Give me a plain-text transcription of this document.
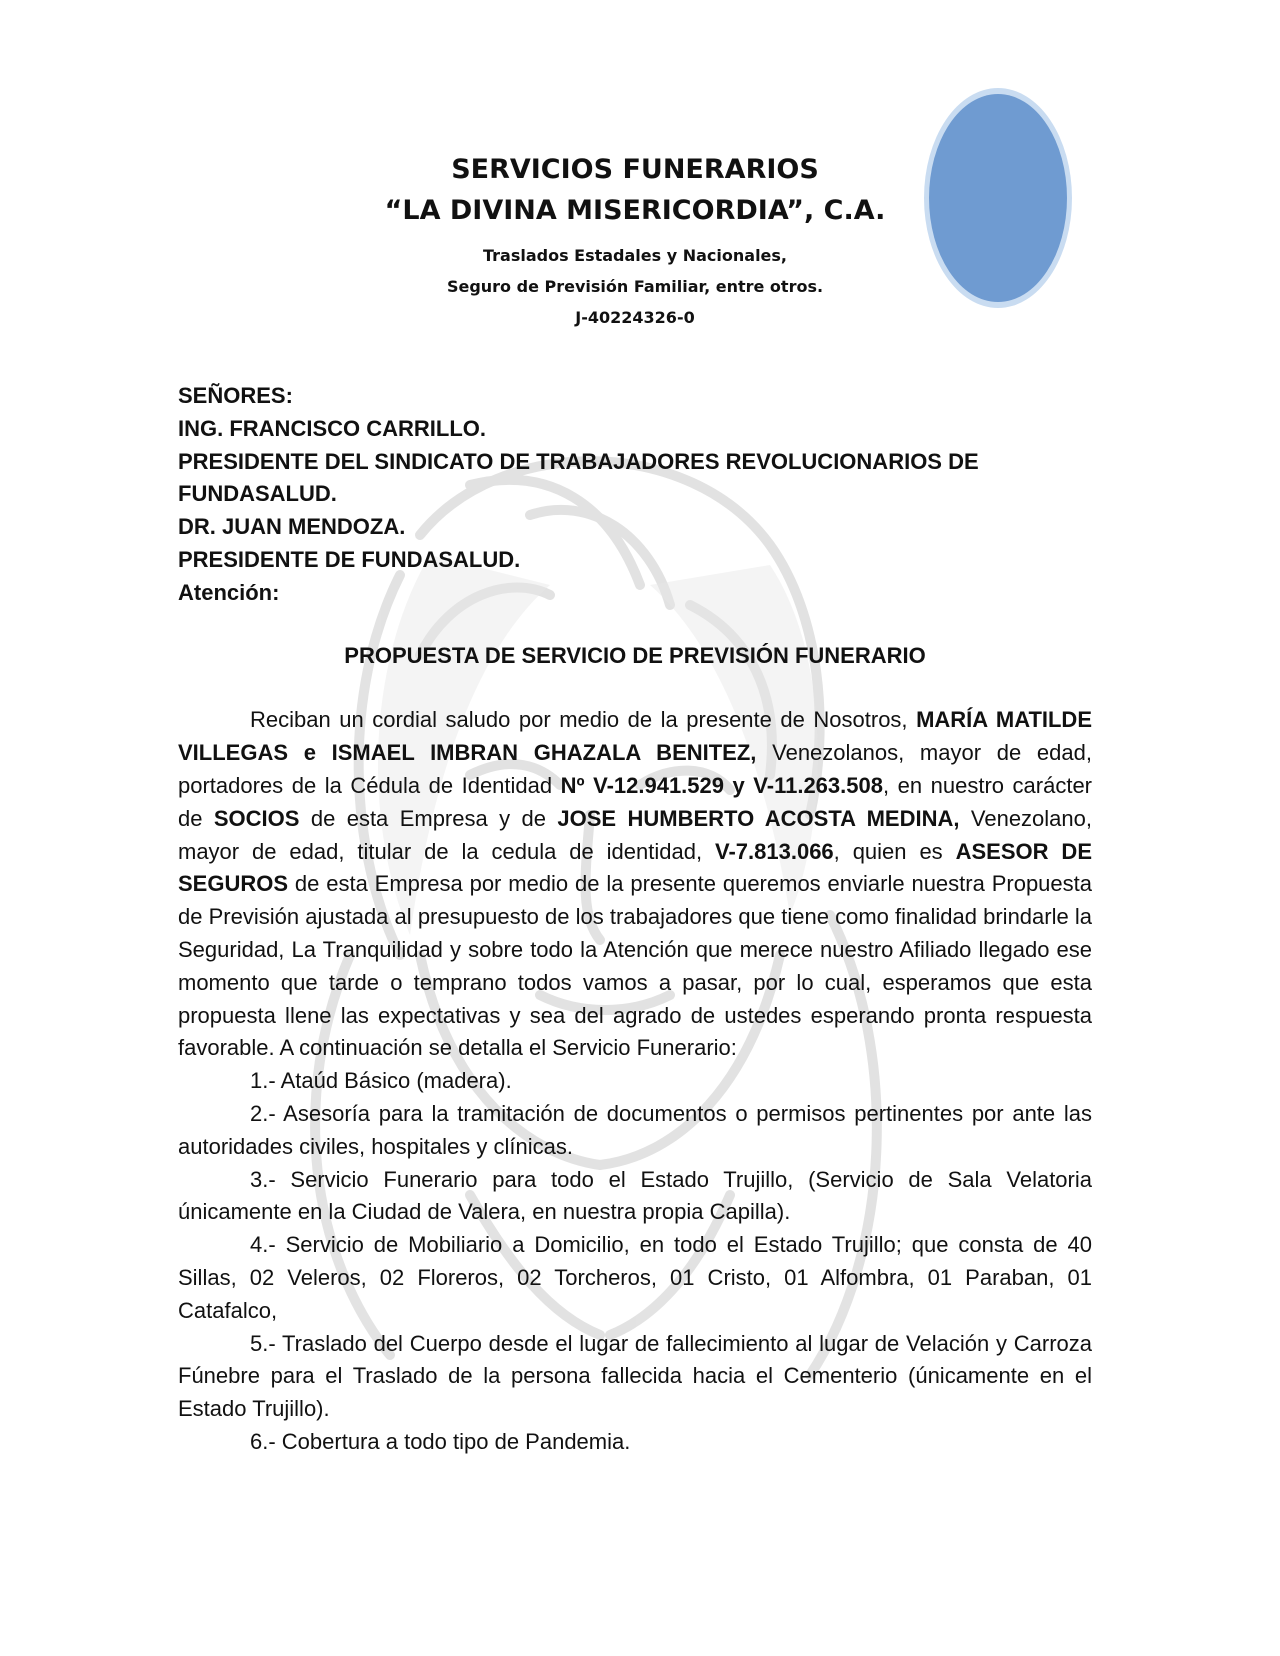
SERVICIOS FUNERARIOS

“LA DIVINA MISERICORDIA”, C.A.

Traslados Estadales y Nacionales,

Seguro de Previsión Familiar, entre otros.

J-40224326-0

SEÑORES:

ING. FRANCISCO CARRILLO.

PRESIDENTE DEL SINDICATO DE TRABAJADORES REVOLUCIONARIOS DE FUNDASALUD.

DR. JUAN MENDOZA.

PRESIDENTE DE FUNDASALUD.

Atención:

PROPUESTA DE SERVICIO DE PREVISIÓN FUNERARIO

Reciban un cordial saludo por medio de la presente de Nosotros, MARÍA MATILDE VILLEGAS e ISMAEL IMBRAN GHAZALA BENITEZ, Venezolanos, mayor de edad, portadores de la Cédula de Identidad Nº V-12.941.529 y V-11.263.508, en nuestro carácter de SOCIOS de esta Empresa y de JOSE HUMBERTO ACOSTA MEDINA, Venezolano, mayor de edad, titular de la cedula de identidad, V-7.813.066, quien es ASESOR DE SEGUROS de esta Empresa por medio de la presente queremos enviarle nuestra Propuesta de Previsión ajustada al presupuesto de los trabajadores que tiene como finalidad brindarle la Seguridad, La Tranquilidad y sobre todo la Atención que merece nuestro Afiliado llegado ese momento que tarde o temprano todos vamos a pasar, por lo cual, esperamos que esta propuesta llene las expectativas y sea del agrado de ustedes esperando pronta respuesta favorable. A continuación se detalla el Servicio Funerario:

1.- Ataúd Básico (madera).

2.- Asesoría para la tramitación de documentos o permisos pertinentes por ante las autoridades civiles, hospitales y clínicas.

3.- Servicio Funerario para todo el Estado Trujillo, (Servicio de Sala Velatoria únicamente en la Ciudad de Valera, en nuestra propia Capilla).

4.- Servicio de Mobiliario a Domicilio, en todo el Estado Trujillo; que consta de 40 Sillas, 02 Veleros, 02 Floreros, 02 Torcheros, 01 Cristo, 01 Alfombra, 01 Paraban, 01 Catafalco,

5.- Traslado del Cuerpo desde el lugar de fallecimiento al lugar de Velación y Carroza Fúnebre para el Traslado de la persona fallecida hacia el Cementerio (únicamente en el Estado Trujillo).

6.- Cobertura a todo tipo de Pandemia.
